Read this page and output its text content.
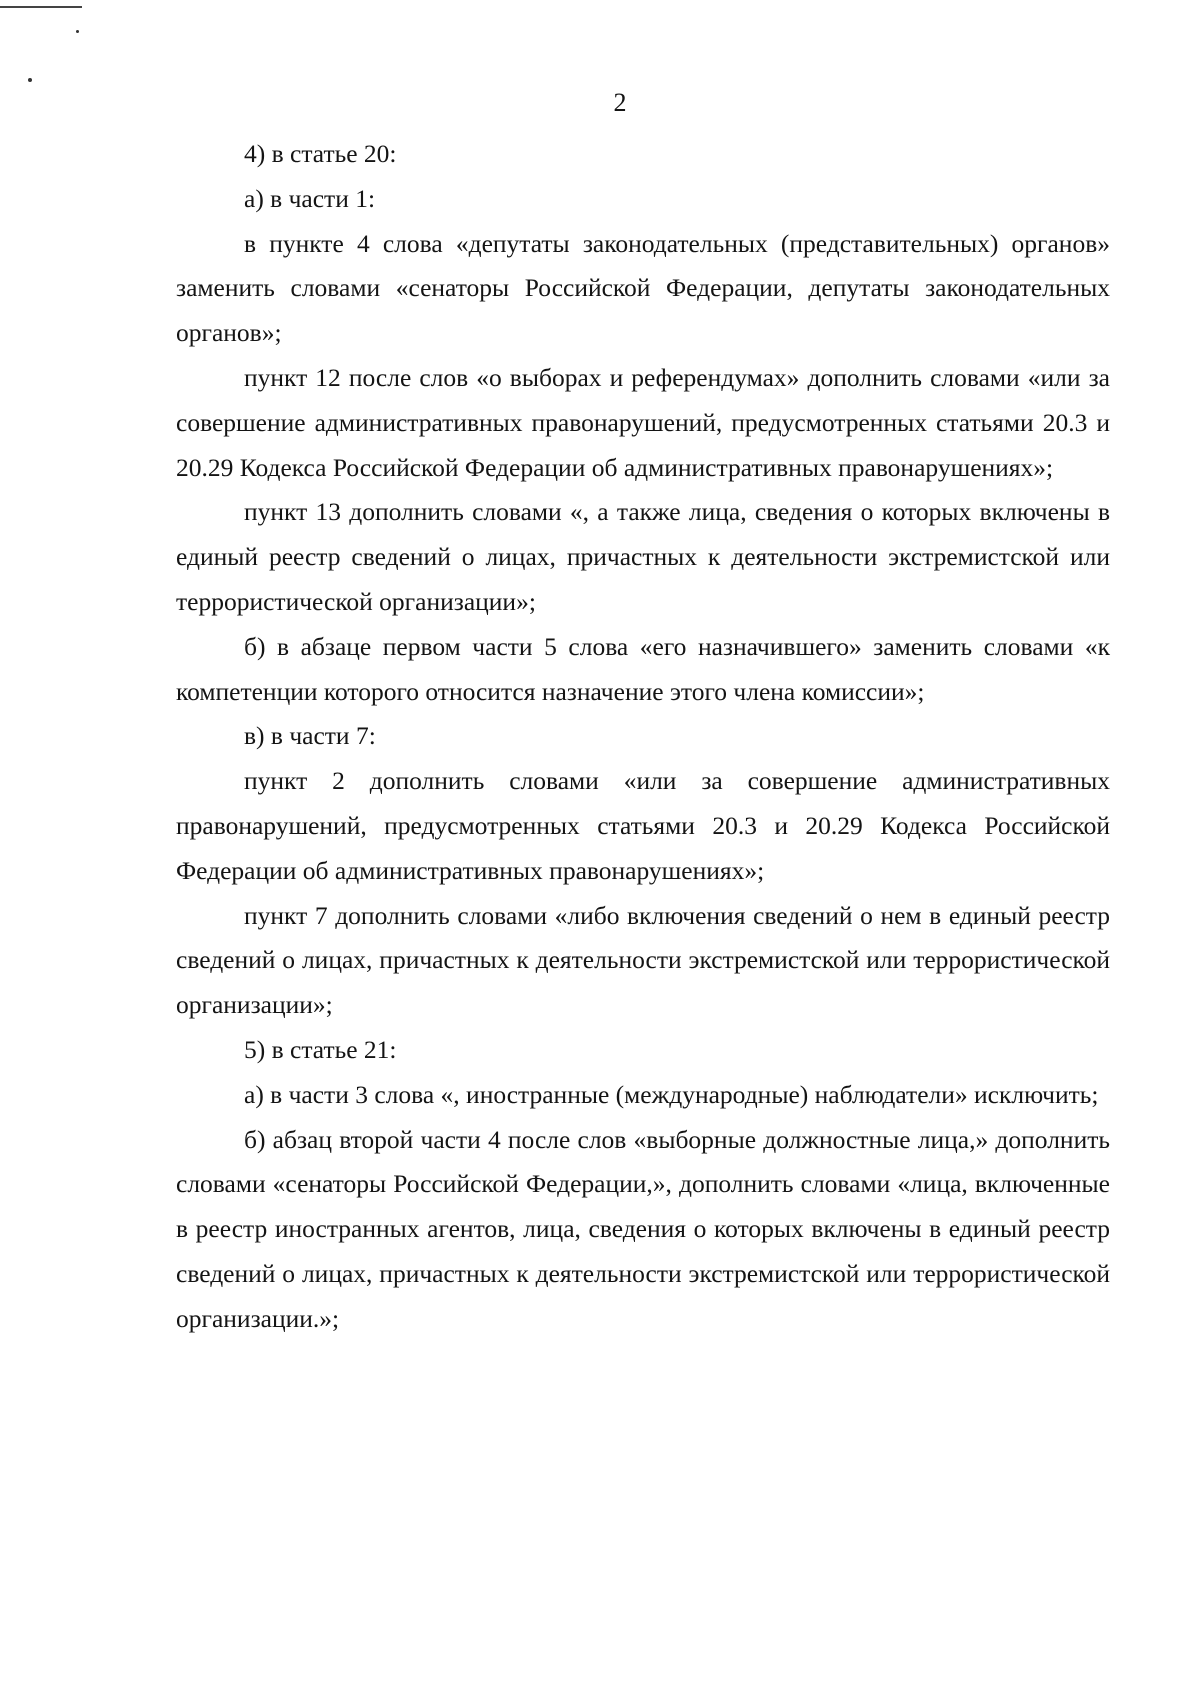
2

4) в статье 20:

а) в части 1:

в пункте 4 слова «депутаты законодательных (представительных) органов» заменить словами «сенаторы Российской Федерации, депутаты законодательных органов»;

пункт 12 после слов «о выборах и референдумах» дополнить словами «или за совершение административных правонарушений, предусмотренных статьями 20.3 и 20.29 Кодекса Российской Федерации об административных правонарушениях»;

пункт 13 дополнить словами «, а также лица, сведения о которых включены в единый реестр сведений о лицах, причастных к деятельности экстремистской или террористической организации»;

б) в абзаце первом части 5 слова «его назначившего» заменить словами «к компетенции которого относится назначение этого члена комиссии»;

в) в части 7:

пункт 2 дополнить словами «или за совершение административных правонарушений, предусмотренных статьями 20.3 и 20.29 Кодекса Российской Федерации об административных правонарушениях»;

пункт 7 дополнить словами «либо включения сведений о нем в единый реестр сведений о лицах, причастных к деятельности экстремистской или террористической организации»;

5) в статье 21:

а) в части 3 слова «, иностранные (международные) наблюдатели» исключить;

б) абзац второй части 4 после слов «выборные должностные лица,» дополнить словами «сенаторы Российской Федерации,», дополнить словами «лица, включенные в реестр иностранных агентов, лица, сведения о которых включены в единый реестр сведений о лицах, причастных к деятельности экстремистской или террористической организации.»;
